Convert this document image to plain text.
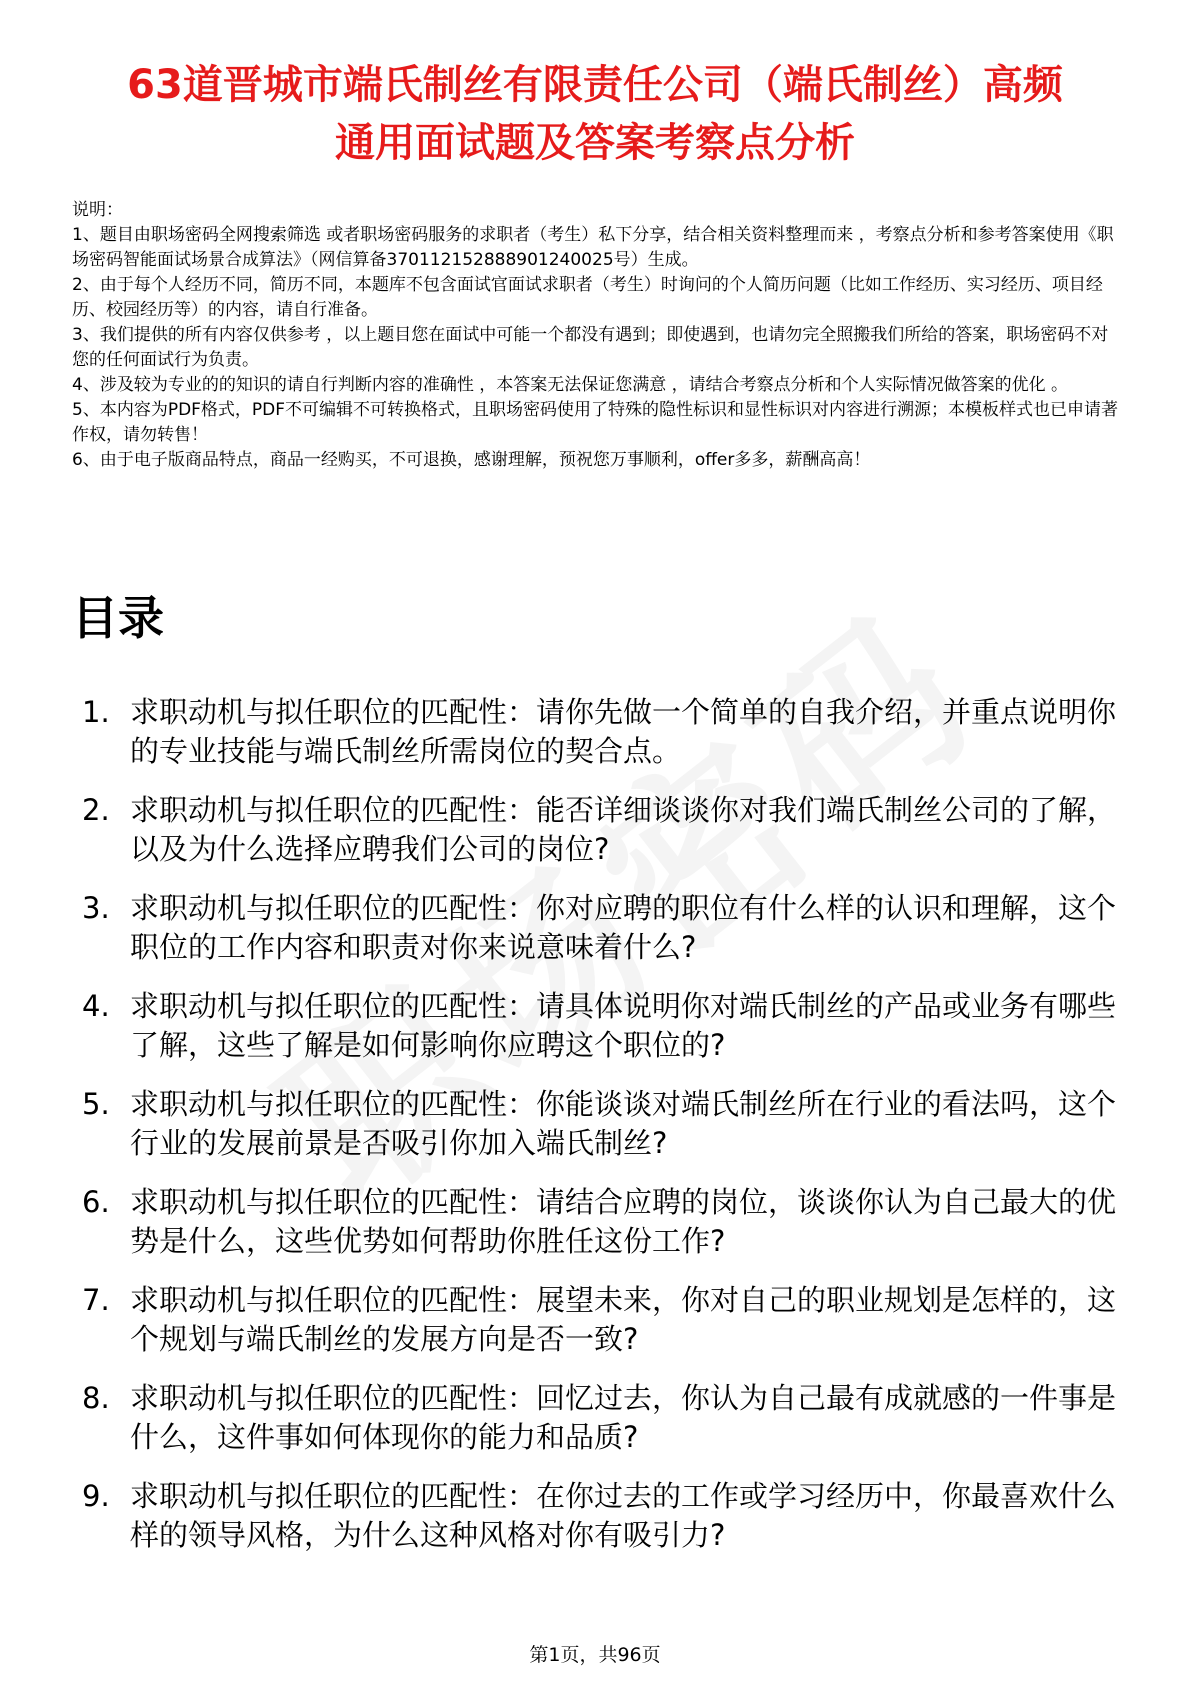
63道晋城市端氏制丝有限责任公司（端氏制丝）高频通用面试题及答案考察点分析

说明：

1、题目由职场密码全网搜索筛选 或者职场密码服务的求职者（考生）私下分享，结合相关资料整理而来 ，考察点分析和参考答案使用《职场密码智能面试场景合成算法》（网信算备370112152888901240025号）生成。

2、由于每个人经历不同，简历不同，本题库不包含面试官面试求职者（考生）时询问的个人简历问题（比如工作经历、实习经历、项目经历、校园经历等）的内容，请自行准备。

3、我们提供的所有内容仅供参考 ，以上题目您在面试中可能一个都没有遇到；即使遇到，也请勿完全照搬我们所给的答案，职场密码不对您的任何面试行为负责。

4、涉及较为专业的的知识的请自行判断内容的准确性 ，本答案无法保证您满意 ，请结合考察点分析和个人实际情况做答案的优化 。

5、本内容为PDF格式，PDF不可编辑不可转换格式，且职场密码使用了特殊的隐性标识和显性标识对内容进行溯源；本模板样式也已申请著作权，请勿转售！

6、由于电子版商品特点，商品一经购买，不可退换，感谢理解，预祝您万事顺利，offer多多，薪酬高高！

目录
1. 求职动机与拟任职位的匹配性：请你先做一个简单的自我介绍，并重点说明你的专业技能与端氏制丝所需岗位的契合点。
2. 求职动机与拟任职位的匹配性：能否详细谈谈你对我们端氏制丝公司的了解，以及为什么选择应聘我们公司的岗位?
3. 求职动机与拟任职位的匹配性：你对应聘的职位有什么样的认识和理解，这个职位的工作内容和职责对你来说意味着什么?
4. 求职动机与拟任职位的匹配性：请具体说明你对端氏制丝的产品或业务有哪些了解，这些了解是如何影响你应聘这个职位的?
5. 求职动机与拟任职位的匹配性：你能谈谈对端氏制丝所在行业的看法吗，这个行业的发展前景是否吸引你加入端氏制丝?
6. 求职动机与拟任职位的匹配性：请结合应聘的岗位，谈谈你认为自己最大的优势是什么，这些优势如何帮助你胜任这份工作?
7. 求职动机与拟任职位的匹配性：展望未来，你对自己的职业规划是怎样的，这个规划与端氏制丝的发展方向是否一致?
8. 求职动机与拟任职位的匹配性：回忆过去，你认为自己最有成就感的一件事是什么，这件事如何体现你的能力和品质?
9. 求职动机与拟任职位的匹配性：在你过去的工作或学习经历中，你最喜欢什么样的领导风格，为什么这种风格对你有吸引力?
第1页，共96页
